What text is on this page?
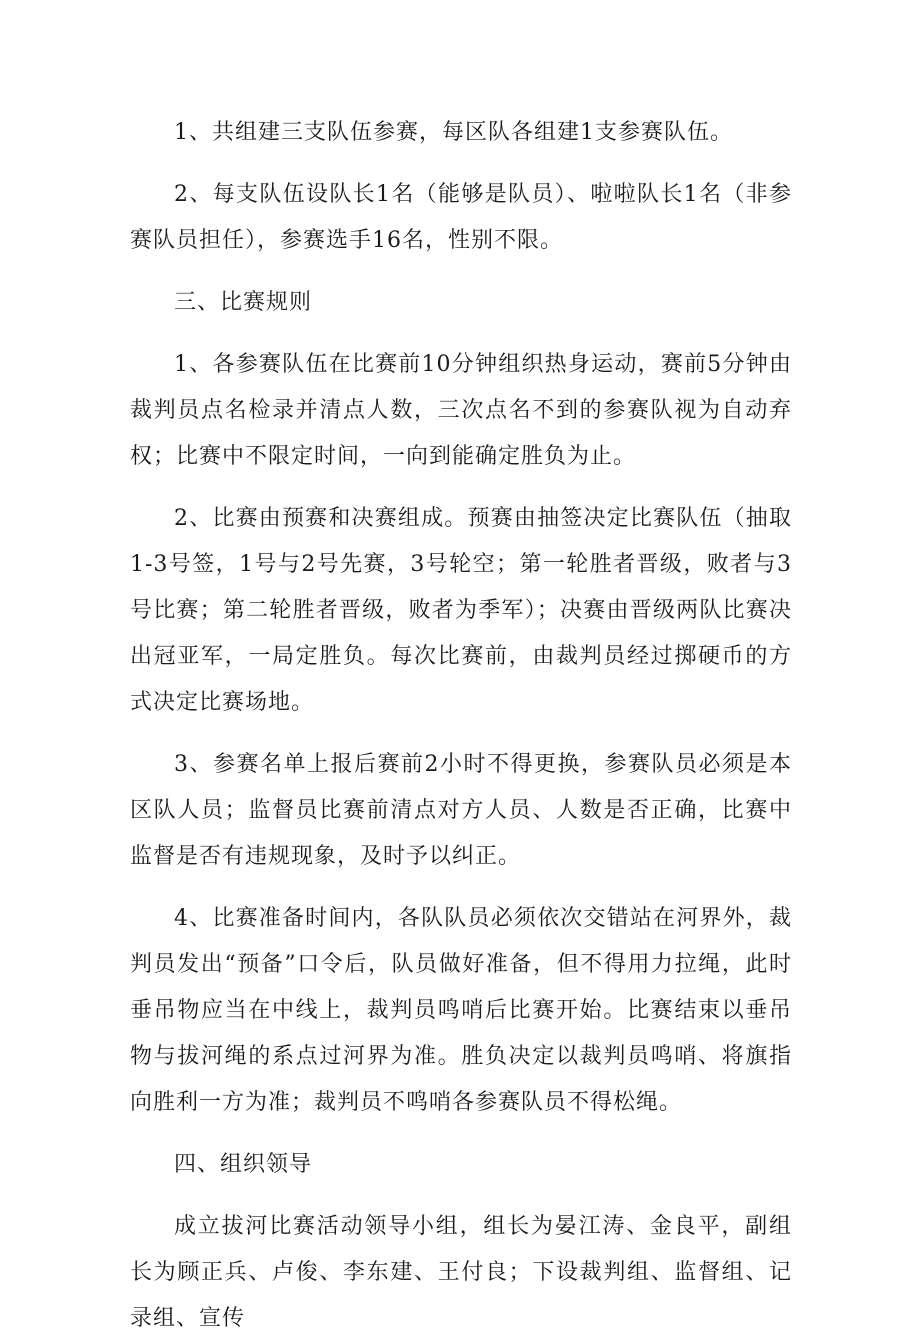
1、共组建三支队伍参赛，每区队各组建1支参赛队伍。

2、每支队伍设队长1名（能够是队员）、啦啦队长1名（非参赛队员担任），参赛选手16名，性别不限。

三、比赛规则

1、各参赛队伍在比赛前10分钟组织热身运动，赛前5分钟由裁判员点名检录并清点人数，三次点名不到的参赛队视为自动弃权；比赛中不限定时间，一向到能确定胜负为止。

2、比赛由预赛和决赛组成。预赛由抽签决定比赛队伍（抽取1-3号签，1号与2号先赛，3号轮空；第一轮胜者晋级，败者与3号比赛；第二轮胜者晋级，败者为季军）；决赛由晋级两队比赛决出冠亚军，一局定胜负。每次比赛前，由裁判员经过掷硬币的方式决定比赛场地。

3、参赛名单上报后赛前2小时不得更换，参赛队员必须是本区队人员；监督员比赛前清点对方人员、人数是否正确，比赛中监督是否有违规现象，及时予以纠正。

4、比赛准备时间内，各队队员必须依次交错站在河界外，裁判员发出“预备”口令后，队员做好准备，但不得用力拉绳，此时垂吊物应当在中线上，裁判员鸣哨后比赛开始。比赛结束以垂吊物与拔河绳的系点过河界为准。胜负决定以裁判员鸣哨、将旗指向胜利一方为准；裁判员不鸣哨各参赛队员不得松绳。

四、组织领导

成立拔河比赛活动领导小组，组长为晏江涛、金良平，副组长为顾正兵、卢俊、李东建、王付良；下设裁判组、监督组、记录组、宣传
